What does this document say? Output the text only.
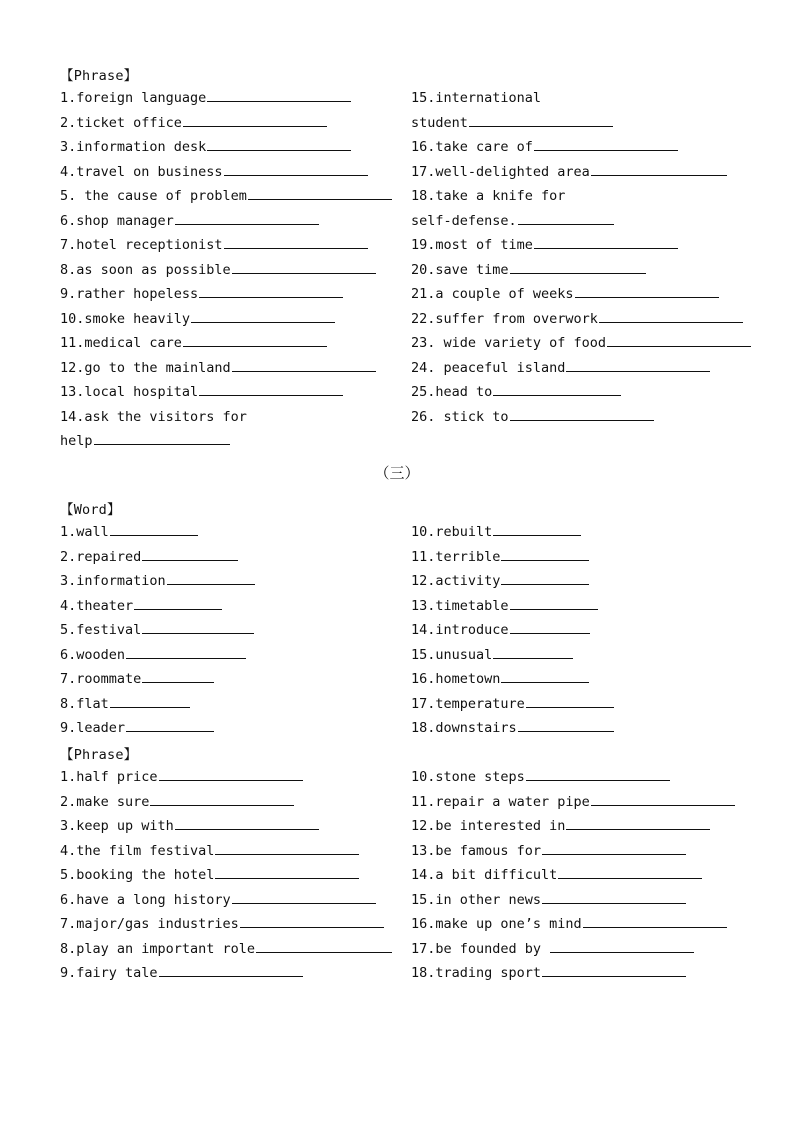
【Phrase】
1.foreign language
2.ticket office
3.information desk
4.travel on business
5. the cause of problem
6.shop manager
7.hotel receptionist
8.as soon as possible
9.rather hopeless
10.smoke heavily
11.medical care
12.go to the mainland
13.local hospital
14.ask the visitors for
help
15.international
student
16.take care of
17.well-delighted area
18.take a knife for
self-defense.
19.most of time
20.save time
21.a couple of weeks
22.suffer from overwork
23. wide variety of food
24. peaceful island
25.head to
26. stick to
（三）
【Word】
1.wall
2.repaired
3.information
4.theater
5.festival
6.wooden
7.roommate
8.flat
9.leader
10.rebuilt
11.terrible
12.activity
13.timetable
14.introduce
15.unusual
16.hometown
17.temperature
18.downstairs
【Phrase】
1.half price
2.make sure
3.keep up with
4.the film festival
5.booking the hotel
6.have a long history
7.major/gas industries
8.play an important role
9.fairy tale
10.stone steps
11.repair a water pipe
12.be interested in
13.be famous for
14.a bit difficult
15.in other news
16.make up one’s mind
17.be founded by
18.trading sport
